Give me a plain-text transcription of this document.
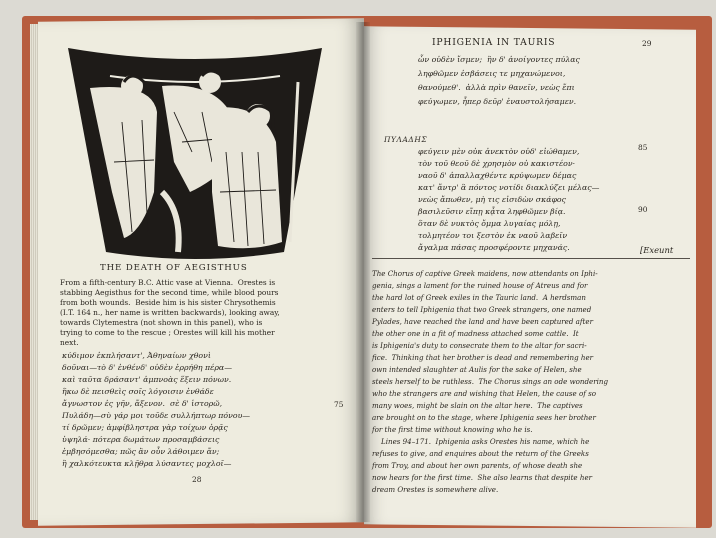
THE DEATH OF AEGISTHUS
From a fifth-century B.C. Attic vase at Vienna.  Orestes is
stabbing Aegisthus for the second time, while blood pours
from both wounds.  Beside him is his sister Chrysothemis
(I.T. 164 n., her name is written backwards), looking away,
towards Clytemestra (not shown in this panel), who is
trying to come to the rescue ; Orestes will kill his mother
next.
κύδιμον ἐκπλήσαντ', Ἀθηναίων χθονὶ
δοῦναι—τὸ δ' ἐνθένδ' οὐδὲν ἐρρήθη πέρα—
καὶ ταῦτα δράσαντ' ἀμπνοὰς ἕξειν πόνων.
ἥκω δὲ πεισθεὶς σοῖς λόγοισιν ἐνθάδε
ἄγνωστον ἐς γῆν, ἄξενον.  σὲ δ' ἱστορῶ,
Πυλάδη—σὺ γάρ μοι τοῦδε συλλήπτωρ πόνου—
τί δρῶμεν; ἀμφίβληστρα γὰρ τοίχων ὁρᾷς
ὑψηλά· πότερα δωμάτων προσαμβάσεις
ἐμβησόμεσθα; πῶς ἂν οὖν λάθοιμεν ἄν;
ἢ χαλκότευκτα κλῇθρα λύσαντες μοχλοῖ—
75
28
IPHIGENIA IN TAURIS	29
ὧν οὐδὲν ἴσμεν;  ἢν δ' ἀνοίγοντες πύλας
ληφθῶμεν ἐσβάσεις τε μηχανώμενοι,
θανούμεθ'.  ἀλλὰ πρὶν θανεῖν, νεὼς ἔπι
φεύγωμεν, ἧπερ δεῦρ' ἐναυστολήσαμεν.
ΠΥΛΑΔΗΣ
φεύγειν μὲν οὐκ ἀνεκτὸν οὐδ' εἰώθαμεν,
τὸν τοῦ θεοῦ δὲ χρησμὸν οὐ κακιστέον·
ναοῦ δ' ἀπαλλαχθέντε κρύψωμεν δέμας
κατ' ἄντρ' ἃ πόντος νοτίδι διακλύζει μέλας—
νεὼς ἄπωθεν, μὴ τις εἰσιδὼν σκάφος
βασιλεῦσιν εἴπῃ κᾆτα ληφθῶμεν βίᾳ.
ὅταν δὲ νυκτὸς ὄμμα λυγαίας μόλῃ,
τολμητέον τοι ξεστὸν ἐκ ναοῦ λαβεῖν
ἄγαλμα πάσας προσφέροντε μηχανάς.
85
90
[Exeunt
The Chorus of captive Greek maidens, now attendants on Iphi-
genia, sings a lament for the ruined house of Atreus and for
the hard lot of Greek exiles in the Tauric land.  A herdsman
enters to tell Iphigenia that two Greek strangers, one named
Pylades, have reached the land and have been captured after
the other one in a fit of madness attached some cattle.  It
is Iphigenia's duty to consecrate them to the altar for sacri-
fice.  Thinking that her brother is dead and remembering her
own intended slaughter at Aulis for the sake of Helen, she
steels herself to be ruthless.  The Chorus sings an ode wondering
who the strangers are and wishing that Helen, the cause of so
many woes, might be slain on the altar here.  The captives
are brought on to the stage, where Iphigenia sees her brother
for the first time without knowing who he is.
Lines 94–171.  Iphigenia asks Orestes his name, which he
refuses to give, and enquires about the return of the Greeks
from Troy, and about her own parents, of whose death she
now hears for the first time.  She also learns that despite her
dream Orestes is somewhere alive.
